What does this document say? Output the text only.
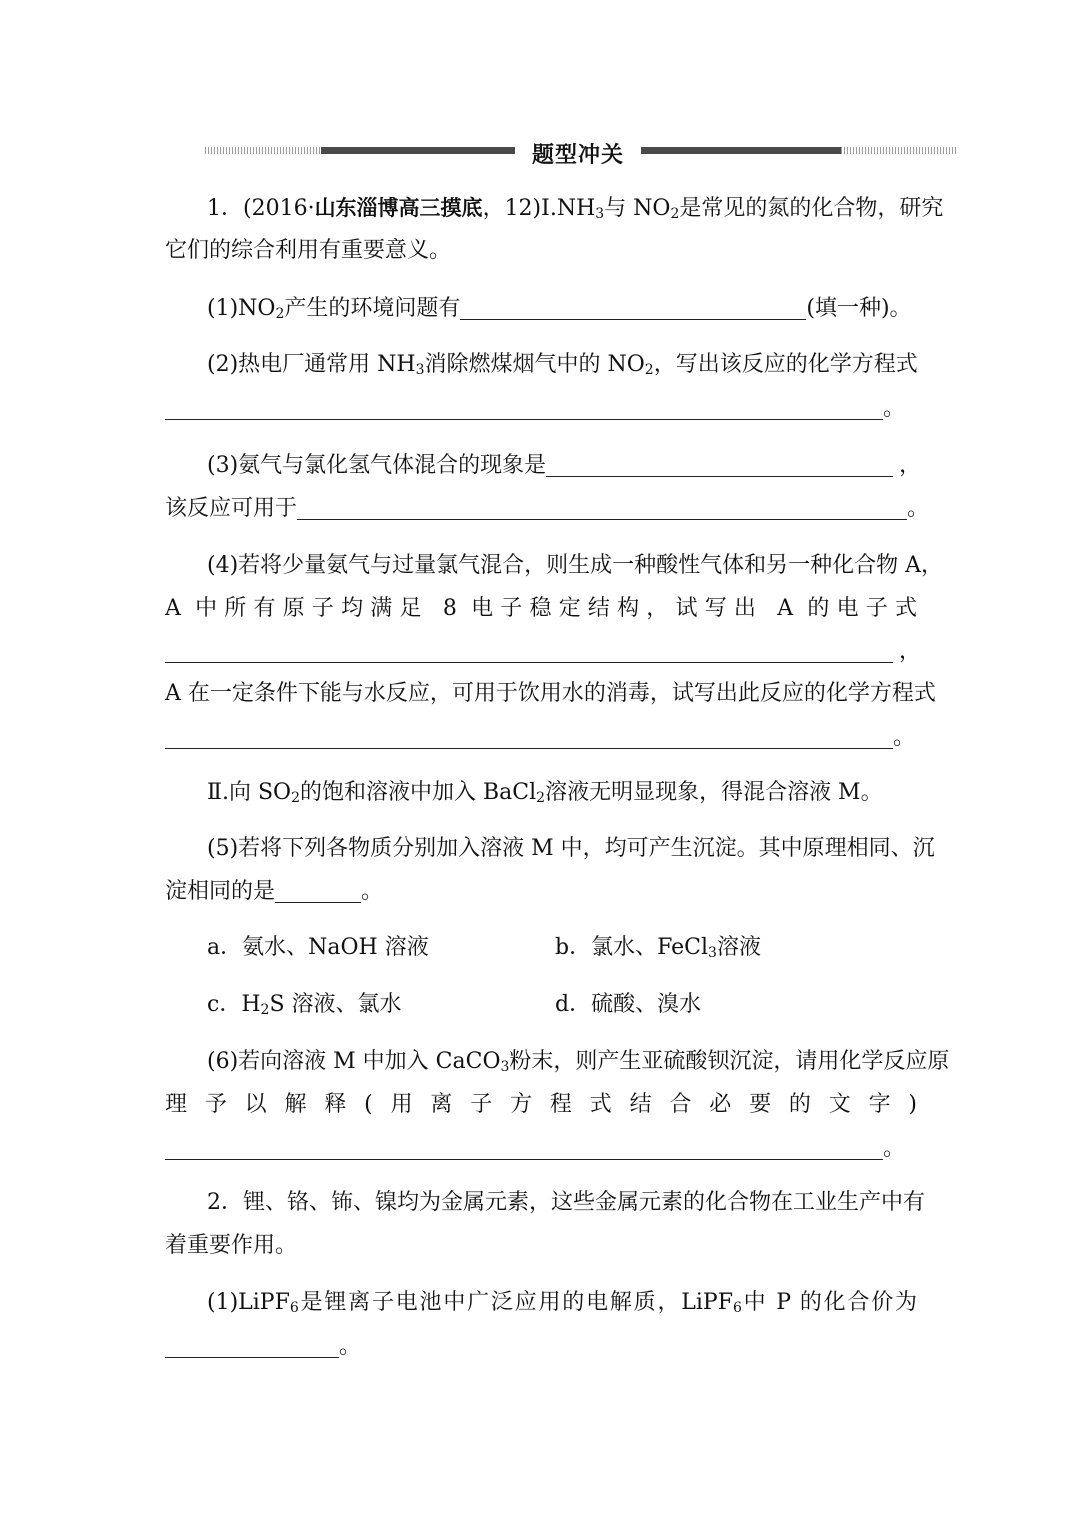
题型冲关
1．(2016·山东淄博高三摸底，$12)Ⅰ.NH_3$与 $NO_2$是常见的氮的化合物，研究
它们的综合利用有重要意义。
$(1)NO_2$产生的环境问题有	(填一种)。
(2)热电厂通常用 $NH_3$消除燃煤烟气中的 $NO_2$，写出该反应的化学方程式
。
(3)氨气与氯化氢气体混合的现象是	，
该反应可用于	。
(4)若将少量氨气与过量氯气混合，则生成一种酸性气体和另一种化合物 A，
A 中所有原子均满足 8 电子稳定结构，试写出 A 的电子式
，
A 在一定条件下能与水反应，可用于饮用水的消毒，试写出此反应的化学方程式
。
Ⅱ.向 $SO_2$的饱和溶液中加入 BaCl$_2$溶液无明显现象，得混合溶液 M。
(5)若将下列各物质分别加入溶液 M 中，均可产生沉淀。其中原理相同、沉
淀相同的是	。
a．氨水、NaOH 溶液	b．氯水、FeCl$_3$溶液
c．$H_2S$ 溶液、氯水	d．硫酸、溴水
(6)若向溶液 M 中加入 CaCO$_3$粉末，则产生亚硫酸钡沉淀，请用化学反应原
理予以解释(用离子方程式结合必要的文字)
。
2．锂、铬、钸、镍均为金属元素，这些金属元素的化合物在工业生产中有
着重要作用。
(1)LiPF$_6$是锂离子电池中广泛应用的电解质，LiPF$_6$中 P 的化合价为
。
